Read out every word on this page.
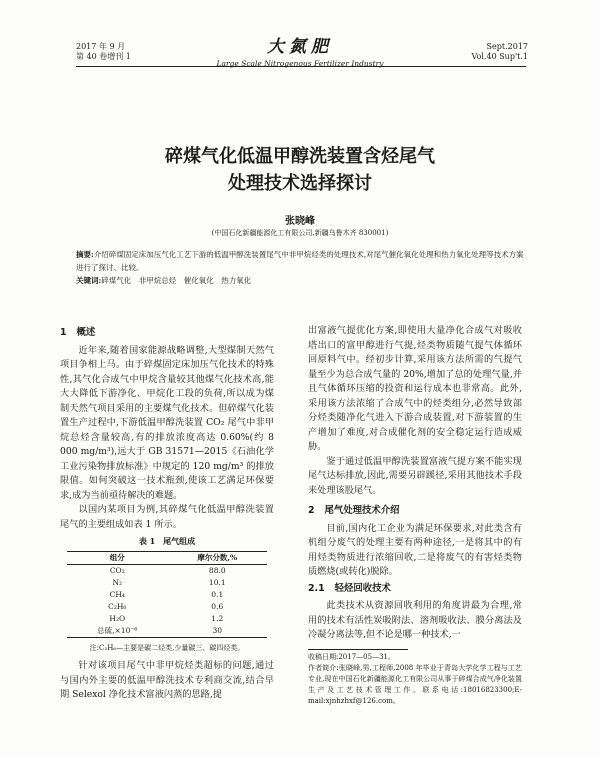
2017 年 9 月
第 40 卷增刊 1	大氮肥
Large Scale Nitrogenous Fertilizer Industry
Sept.2017
Vol.40 Sup't.1
碎煤气化低温甲醇洗装置含烃尾气
处理技术选择探讨
张晓峰
(中国石化新疆能源化工有限公司,新疆乌鲁木齐 830001)
摘要:介绍碎煤固定床加压气化工艺下游的低温甲醇洗装置尾气中非甲烷烃类的处理技术,对尾气催化氧化处理和热力氧化处理等技术方案进行了探讨、比较。
关键词:碎煤气化　非甲烷总烃　催化氧化　热力氧化
1 概述

近年来,随着国家能源战略调整,大型煤制天然气项目争相上马。由于碎煤固定床加压气化技术的特殊性,其气化合成气中甲烷含量较其他煤气化技术高,能大大降低下游净化、甲烷化工段的负荷,所以成为煤制天然气项目采用的主要煤气化技术。但碎煤气化装置生产过程中,下游低温甲醇洗装置 CO₂ 尾气中非甲烷总烃含量较高,有的排放浓度高达 0.60%(约 8 000 mg/m³),远大于 GB 31571—2015《石油化学工业污染物排放标准》中规定的 120 mg/m³ 的排放限值。如何突破这一技术瓶颈,使该工艺满足环保要求,成为当前亟待解决的难题。

以国内某项目为例,其碎煤气化低温甲醇洗装置尾气的主要组成如表 1 所示。

表 1　尾气组成
组分	摩尔分数,%
CO₂	88.0
N₂	10.1
CH₄	0.1
C₂H₆	0.6
H₂O	1.2
总硫,×10⁻⁶	30
注:C₂H₆—主要是碳二烃类,少量碳三、碳四烃类。

针对该项目尾气中非甲烷烃类超标的问题,通过与国内外主要的低温甲醇洗技术专利商交流,结合早期 Selexol 净化技术富液闪蒸的思路,提

出富液气提优化方案,即使用大量净化合成气对吸收塔出口的富甲醇进行气提,烃类物质随气提气体循环回原料气中。经初步计算,采用该方法所需的气提气量至少为总合成气量的 20%,增加了总的处理气量,并且气体循环压缩的投资和运行成本也非常高。此外,采用该方法浓缩了合成气中的烃类组分,必然导致部分烃类随净化气进入下游合成装置,对下游装置的生产增加了难度,对合成催化剂的安全稳定运行造成威胁。

鉴于通过低温甲醇洗装置富液气提方案不能实现尾气达标排放,因此,需要另辟蹊径,采用其他技术手段来处理该股尾气。

2 尾气处理技术介绍

目前,国内化工企业为满足环保要求,对此类含有机组分废气的处理主要有两种途径,一是将其中的有用烃类物质进行浓缩回收,二是将废气的有害烃类物质燃烧(或转化)脱除。

2.1 轻烃回收技术

此类技术从资源回收利用的角度讲最为合理,常用的技术有活性炭吸附法、溶剂吸收法、膜分离法及冷凝分离法等,但不论是哪一种技术,一

收稿日期:2017—05—31。

作者简介:张晓峰,男,工程师,2008 年毕业于青岛大学化学工程与工艺专业,现在中国石化新疆能源化工有限公司从事于碎煤合成气净化装置生产及工艺技术管理工作。联系电话:18016823300;E-mail:xjnhzhxf@126.com。
